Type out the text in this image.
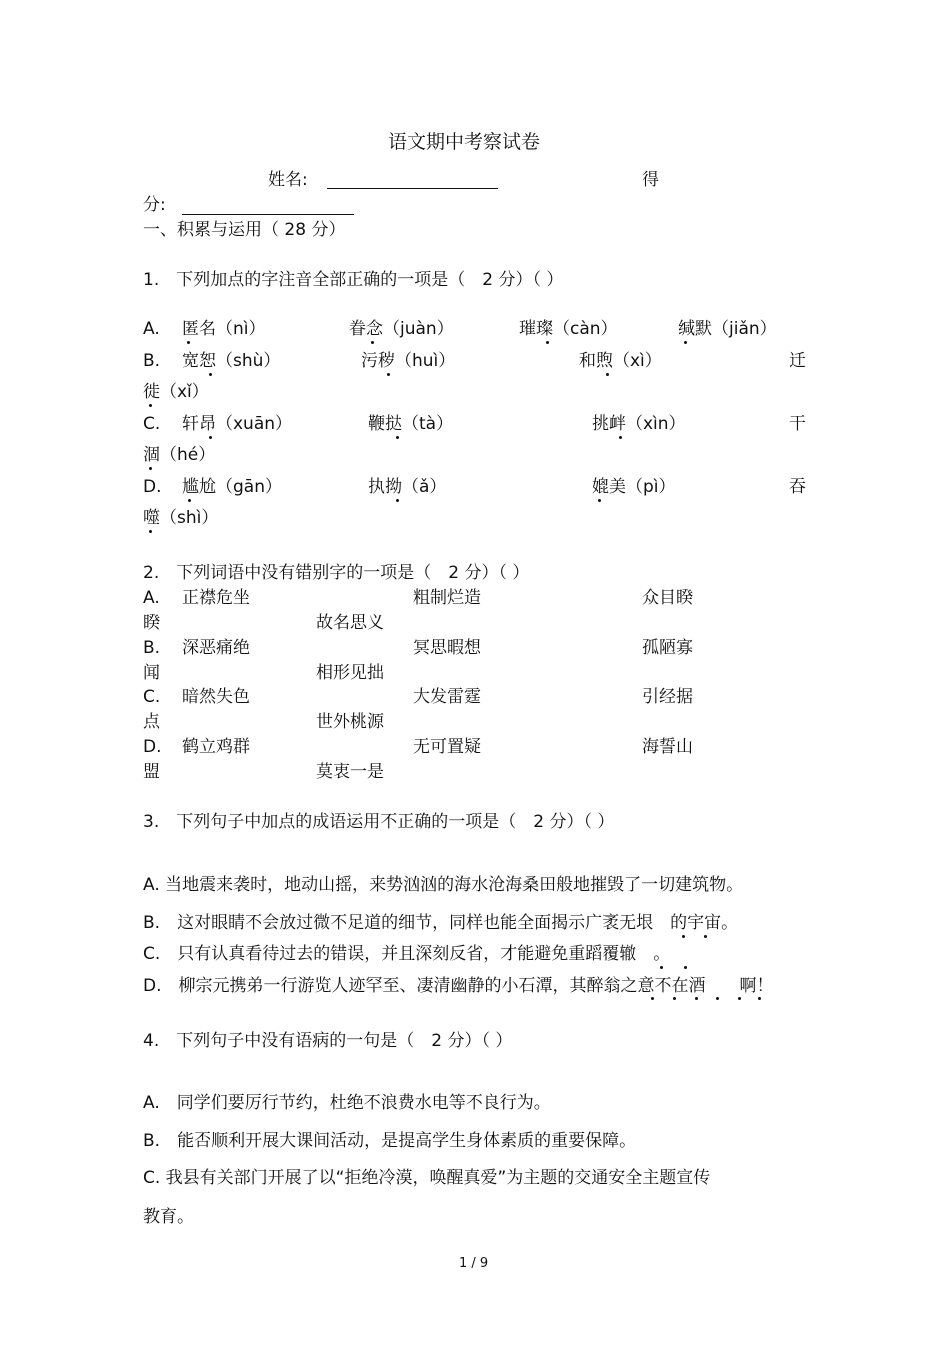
语文期中考察试卷
姓名:	得
分:
一、积累与运用（ 28 分）
1.　下列加点的字注音全部正确的一项是（　2 分）（ ）
A. 匿名（nì）	眷念（juàn）	璀璨（càn）	缄默（jiǎn）
B. 宽恕（shù）	污秽（huì）	和煦（xì）	迁
徙（xǐ）
C. 轩昂（xuān）	鞭挞（tà）	挑衅（xìn）	干
涸（hé）
D. 尴尬（gān）	执拗（ǎ）	媲美（pì）	吞
噬（shì）
2.　下列词语中没有错别字的一项是（　2 分）（ ）
A. 正襟危坐	粗制烂造	众目睽
睽	故名思义
B. 深恶痛绝	冥思暇想	孤陋寡
闻	相形见拙
C. 暗然失色	大发雷霆	引经据
点	世外桃源
D. 鹤立鸡群	无可置疑	海誓山
盟	莫衷一是
3.　下列句子中加点的成语运用不正确的一项是（　2 分）（ ）
A. 当地震来袭时，地动山摇，来势汹汹的海水沧海桑田般地摧毁了一切建筑物。
B.　这对眼睛不会放过微不足道的细节，同样也能全面揭示广袤无垠　的宇宙。
C.　只有认真看待过去的错误，并且深刻反省，才能避免重蹈覆辙　。
D.　柳宗元携弟一行游览人迹罕至、凄清幽静的小石潭，其醉翁之意不在酒　　啊！
4.　下列句子中没有语病的一句是（　2 分）（ ）
A.　同学们要厉行节约，杜绝不浪费水电等不良行为。
B.　能否顺利开展大课间活动，是提高学生身体素质的重要保障。
C. 我县有关部门开展了以“拒绝冷漠，唤醒真爱”为主题的交通安全主题宣传
教育。
1 / 9
